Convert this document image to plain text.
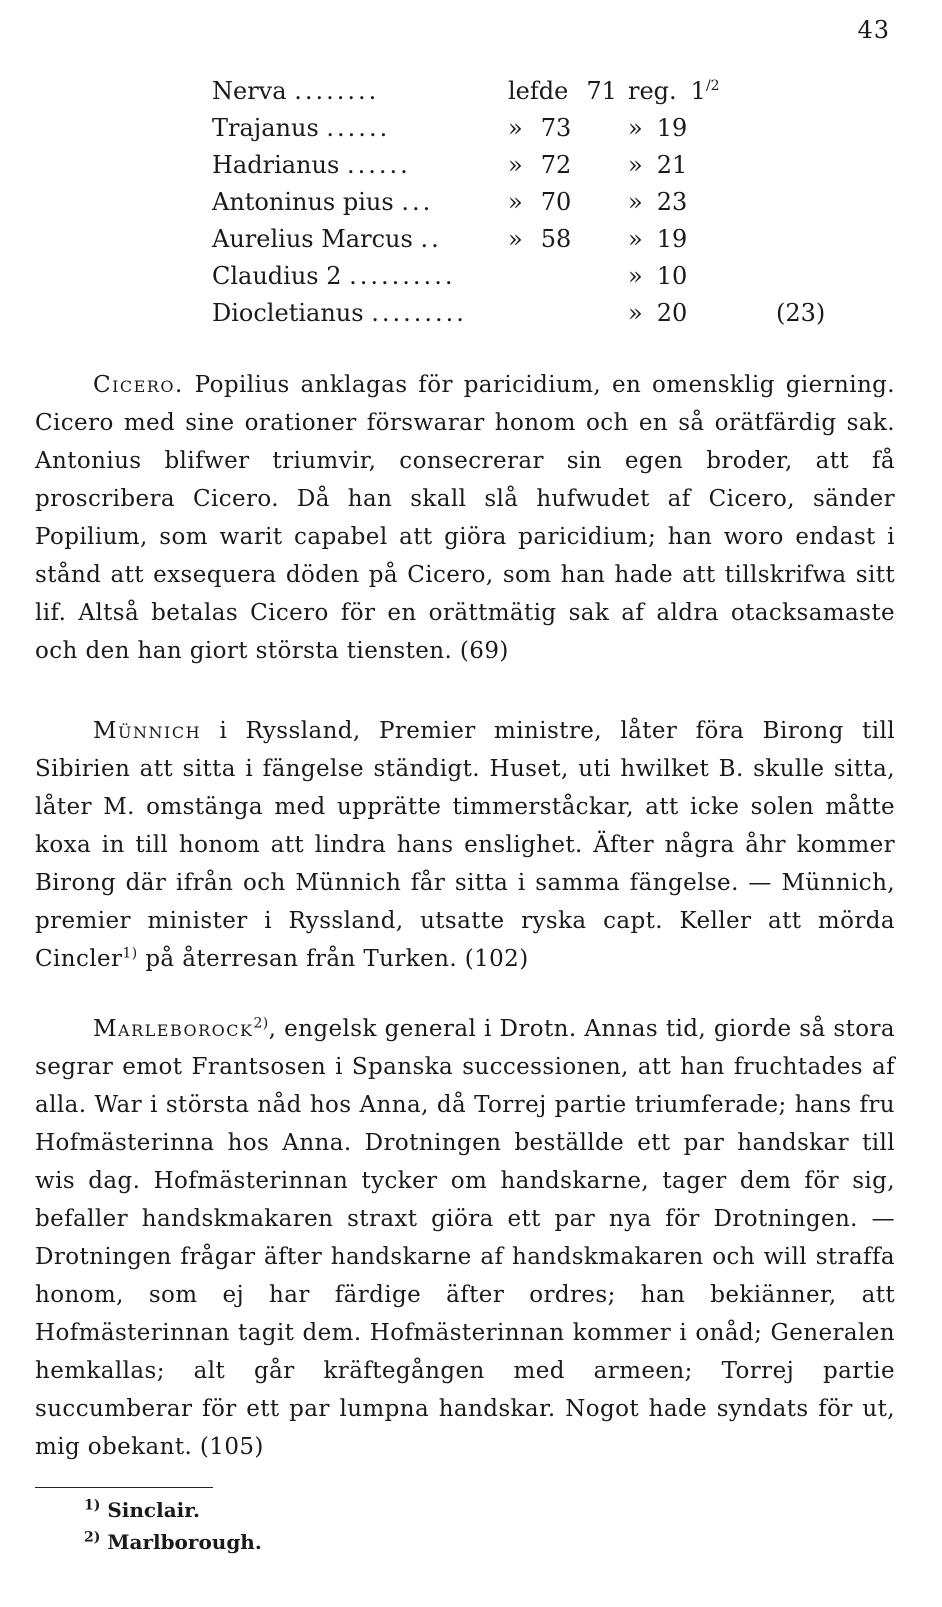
43
Nerva ........	lefde 71	reg. $1^{/2}$	
Trajanus ......	» 73	» 19	
Hadrianus ......	» 72	» 21	
Antoninus pius ...	» 70	» 23	
Aurelius Marcus ..	» 58	» 19	
Claudius 2 ..........		» 10	
Diocletianus .........		» 20	(23)

Cicero. Popilius anklagas för paricidium, en omensklig gierning. Cicero med sine orationer förswarar honom och en så orätfärdig sak. Antonius blifwer triumvir, consecrerar sin egen broder, att få proscribera Cicero. Då han skall slå hufwudet af Cicero, sänder Popilium, som warit capabel att giöra paricidium; han woro endast i stånd att exsequera döden på Cicero, som han hade att tillskrifwa sitt lif. Altså betalas Cicero för en orättmätig sak af aldra otacksamaste och den han giort största tiensten. (69)

Münnich i Ryssland, Premier ministre, låter föra Birong till Sibirien att sitta i fängelse ständigt. Huset, uti hwilket B. skulle sitta, låter M. omstänga med upprätte timmerståckar, att icke solen måtte koxa in till honom att lindra hans enslighet. Äfter några åhr kommer Birong där ifrån och Münnich får sitta i samma fängelse. — Münnich, premier minister i Ryssland, utsatte ryska capt. Keller att mörda Cincler$^{1)}$ på återresan från Turken. (102)

Marleborock$^{2)}$, engelsk general i Drotn. Annas tid, giorde så stora segrar emot Frantsosen i Spanska successionen, att han fruchtades af alla. War i största nåd hos Anna, då Torrej partie triumferade; hans fru Hofmästerinna hos Anna. Drotningen beställde ett par handskar till wis dag. Hofmästerinnan tycker om handskarne, tager dem för sig, befaller handskmakaren straxt giöra ett par nya för Drotningen. — Drotningen frågar äfter handskarne af handskmakaren och will straffa honom, som ej har färdige äfter ordres; han bekiänner, att Hofmästerinnan tagit dem. Hofmästerinnan kommer i onåd; Generalen hemkallas; alt går kräftegången med armeen; Torrej partie succumberar för ett par lumpna handskar. Nogot hade syndats för ut, mig obekant. (105)

$^{1)}$ Sinclair.
$^{2)}$ Marlborough.
